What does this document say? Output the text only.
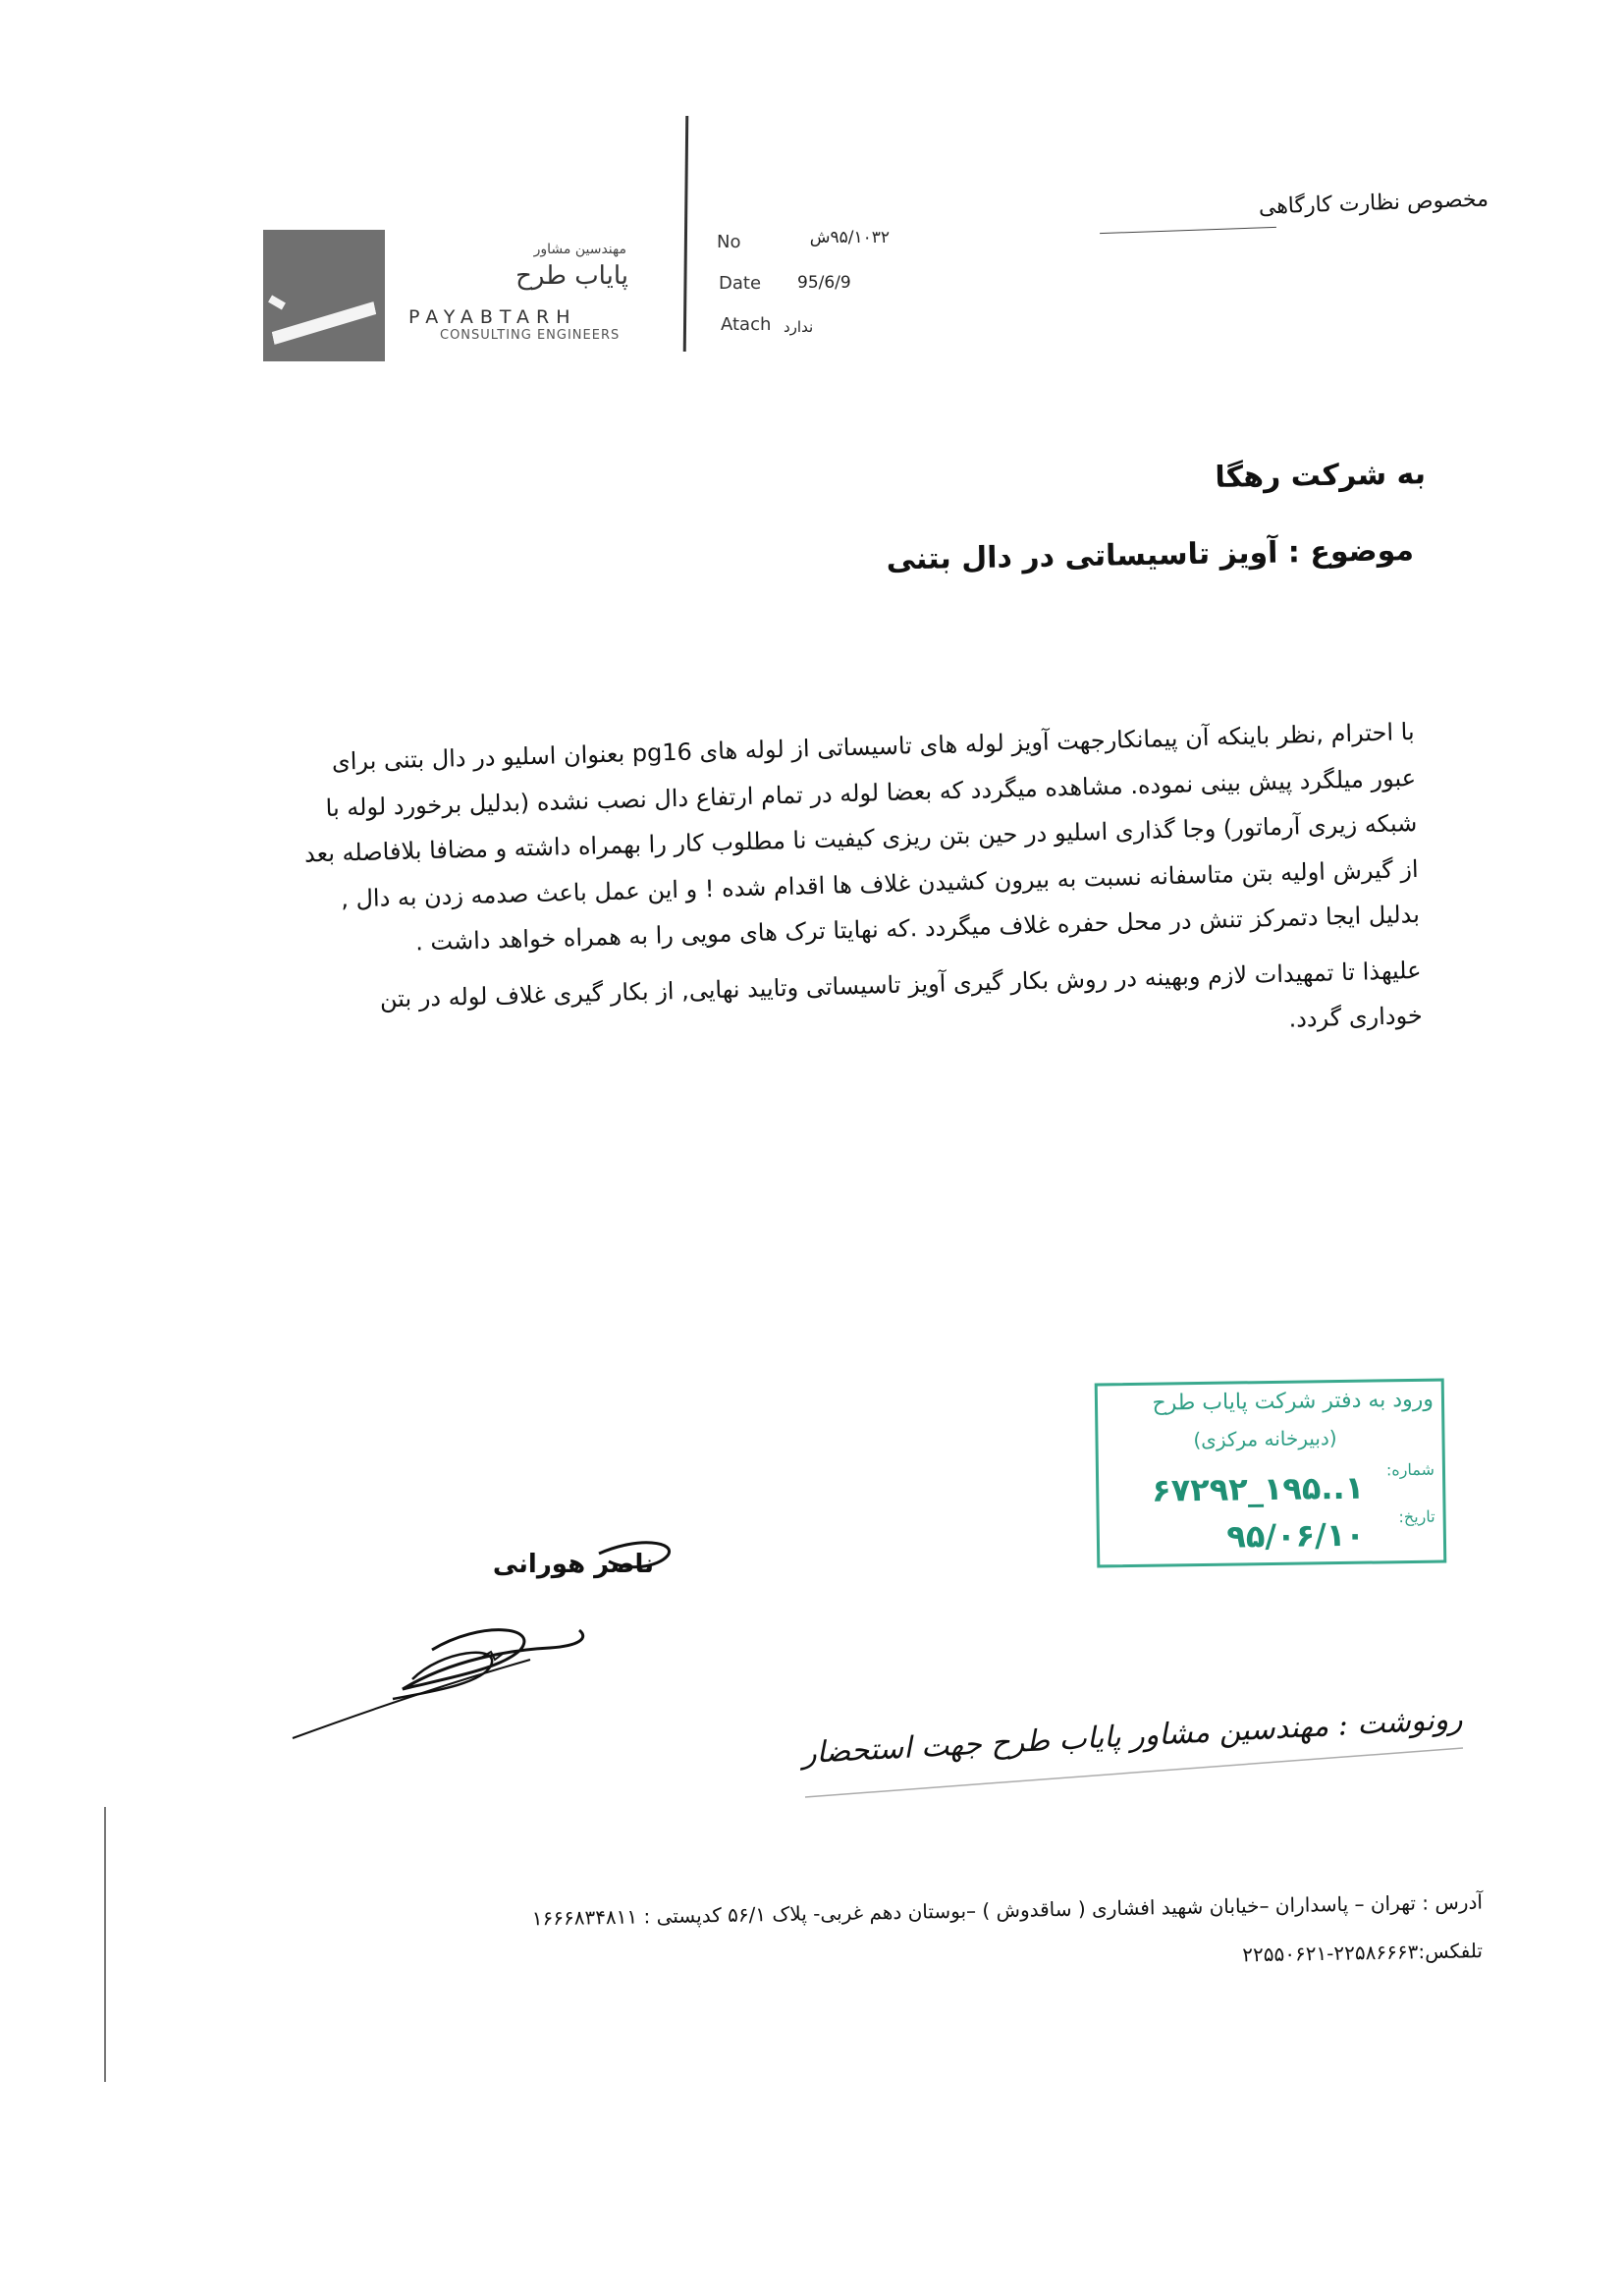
مهندسین مشاور
پایاب طرح
PAYABTARH
CONSULTING ENGINEERS
No	۹۵/۱۰۳۲ش
Date 95/6/9
Atach ندارد
مخصوص نظارت کارگاهی
به شرکت رهگا
موضوع : آویز تاسیساتی در دال بتنی

با احترام ,نظر باینکه آن پیمانکارجهت آویز لوله های تاسیساتی از لوله های pg16 بعنوان اسلیو در دال بتنی برای عبور میلگرد پیش بینی نموده. مشاهده میگردد که بعضا لوله در تمام ارتفاع دال نصب نشده (بدلیل برخورد لوله با شبکه زیری آرماتور) وجا گذاری اسلیو در حین بتن ریزی کیفیت نا مطلوب کار را بهمراه داشته و مضافا بلافاصله بعد از گیرش اولیه بتن متاسفانه نسبت به بیرون کشیدن غلاف ها اقدام شده ! و این عمل باعث صدمه زدن به دال , بدلیل ایجا دتمرکز تنش در محل حفره غلاف میگردد .که نهایتا ترک های مویی را به همراه خواهد داشت .

علیهذا تا تمهیدات لازم وبهینه در روش بکار گیری آویز تاسیساتی وتایید نهایی, از بکار گیری غلاف لوله در بتن خوداری گردد.

ورود به دفتر شرکت پایاب طرح
(دبیرخانه مرکزی)
شماره:
۱..۱۹۵_۶۷۲۹۲
تاریخ:
۹۵/۰۶/۱۰
ناصر هورانی
رونوشت : مهندسین مشاور پایاب طرح جهت استحضار
آدرس : تهران – پاسداران –خیابان شهید افشاری ( ساقدوش ) –بوستان دهم غربی- پلاک ۵۶/۱ کدپستی : ۱۶۶۶۸۳۴۸۱۱
تلفکس:۲۲۵۸۶۶۶۳-۲۲۵۵۰۶۲۱
